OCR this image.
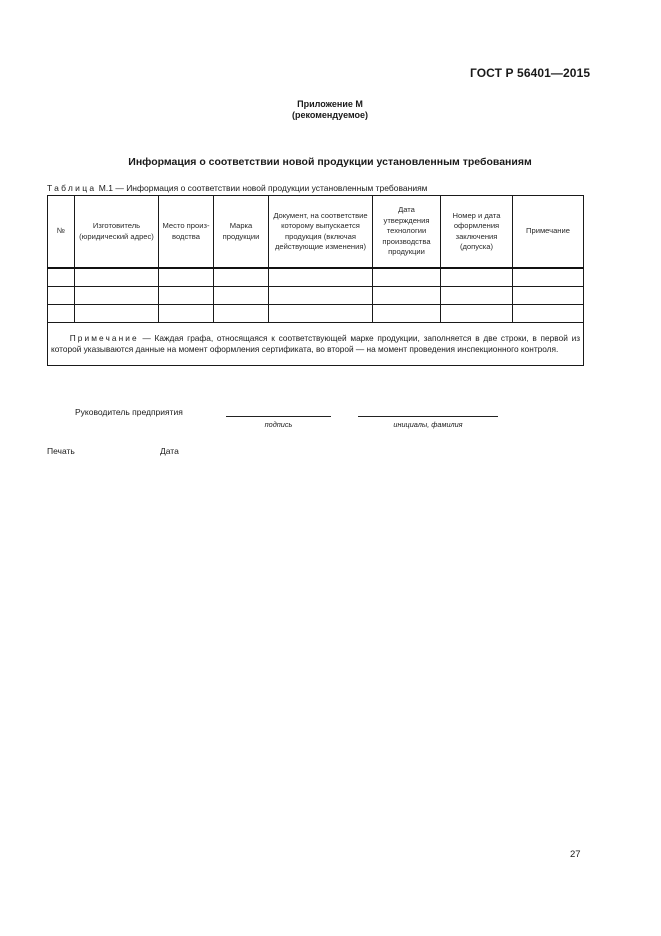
ГОСТ Р 56401—2015
Приложение М
(рекомендуемое)
Информация о соответствии новой продукции установленным требованиям
Таблица М.1 — Информация о соответствии новой продукции установленным требованиям
№	Изготовитель (юридический адрес)	Место произ-водства	Марка продукции	Документ, на соответствие которому выпускается продукция (включая действующие изменения)	Дата утверждения технологии производства продукции	Номер и дата оформления заключения (допуска)	Примечание

Примечание — Каждая графа, относящаяся к соответствующей марке продукции, заполняется в две строки, в первой из которой указываются данные на момент оформления сертификата, во второй — на момент проведения инспекционного контроля.							
Руководитель предприятия
подпись	инициалы, фамилия
Печать	Дата
27
